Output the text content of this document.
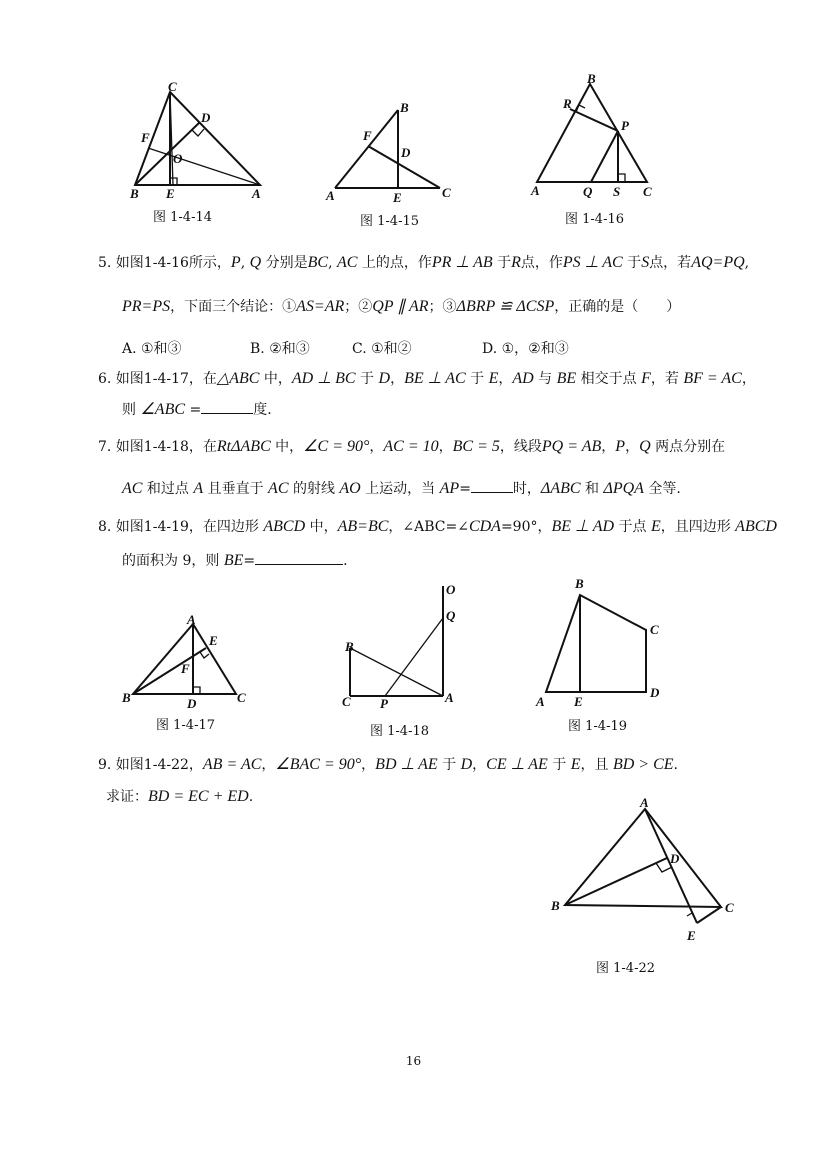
C
D
F
O
B E	A
图 1-4-14
B
F
D
A	E	C
图 1-4-15
B
R
P
A	Q S C
图 1-4-16
5. 如图1-4-16所示，P, Q 分别是BC, AC 上的点，作PR ⊥ AB 于R点，作PS ⊥ AC 于S点，若AQ=PQ,
PR=PS，下面三个结论：①AS=AR；②QP ∥ AR；③ΔBRP ≌ ΔCSP，正确的是（　　）
A. ①和③	B. ②和③	C. ①和②	D. ①，②和③
6. 如图1-4-17，在△ABC 中，AD ⊥ BC 于 D，BE ⊥ AC 于 E，AD 与 BE 相交于点 F，若 BF = AC，
则 ∠ABC =	度.
7. 如图1-4-18，在RtΔABC 中，∠C = 90°，AC = 10，BC = 5，线段PQ = AB，P，Q 两点分别在
AC 和过点 A 且垂直于 AC 的射线 AO 上运动，当 AP=	时，ΔABC 和 ΔPQA 全等.
8. 如图1-4-19，在四边形 ABCD 中，AB=BC，∠ABC=∠CDA=90°，BE ⊥ AD 于点 E，且四边形 ABCD
的面积为 9，则 BE=	.
A
E
F
B	D	C
图 1-4-17
O
Q
B
C P	A
图 1-4-18
B
C
A E
D
图 1-4-19
9. 如图1-4-22，AB = AC，∠BAC = 90°，BD ⊥ AE 于 D，CE ⊥ AE 于 E，且 BD > CE.
求证：BD = EC + ED.	A
D
B	C
E
图 1-4-22
16
